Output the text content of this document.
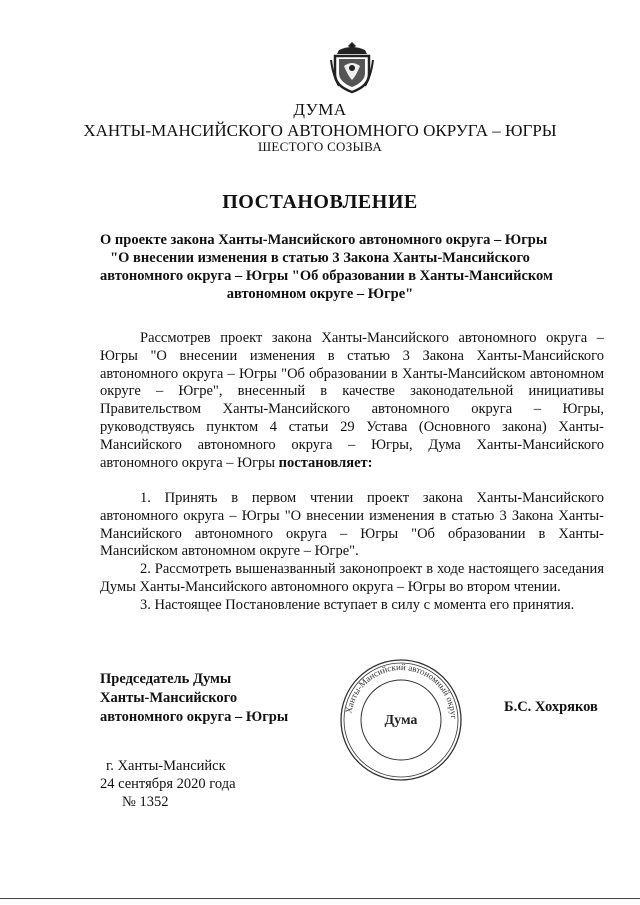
ДУМА
ХАНТЫ-МАНСИЙСКОГО АВТОНОМНОГО ОКРУГА – ЮГРЫ
ШЕСТОГО СОЗЫВА
ПОСТАНОВЛЕНИЕ
О проекте закона Ханты-Мансийского автономного округа – Югры
"О внесении изменения в статью 3 Закона Ханты-Мансийского
автономного округа – Югры "Об образовании в Ханты-Мансийском
автономном округе – Югре"
Рассмотрев проект закона Ханты-Мансийского автономного округа – Югры "О внесении изменения в статью 3 Закона Ханты-Мансийского автономного округа – Югры "Об образовании в Ханты-Мансийском автономном округе – Югре", внесенный в качестве законодательной инициативы Правительством Ханты-Мансийского автономного округа – Югры, руководствуясь пунктом 4 статьи 29 Устава (Основного закона) Ханты-Мансийского автономного округа – Югры, Дума Ханты-Мансийского автономного округа – Югры постановляет:

1. Принять в первом чтении проект закона Ханты-Мансийского автономного округа – Югры "О внесении изменения в статью 3 Закона Ханты-Мансийского автономного округа – Югры "Об образовании в Ханты-Мансийском автономном округе – Югре".

2. Рассмотреть вышеназванный законопроект в ходе настоящего заседания Думы Ханты-Мансийского автономного округа – Югры во втором чтении.

3. Настоящее Постановление вступает в силу с момента его принятия.

Председатель Думы
Ханты-Мансийского
автономного округа – Югры	Ханты-Мансийский автономный округ
Дума
Б.С. Хохряков
г. Ханты-Мансийск
24 сентября 2020 года
№ 1352
